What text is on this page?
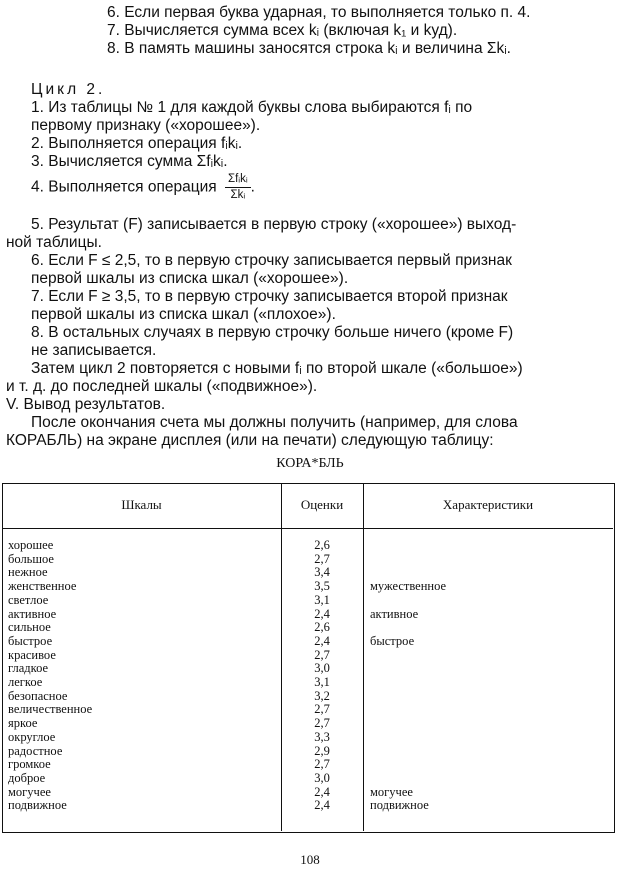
6. Если первая буква ударная, то выполняется только п. 4.
7. Вычисляется сумма всех kᵢ (включая k₁ и kуд).
8. В память машины заносятся строка kᵢ и величина Σkᵢ.
Цикл 2.
1. Из таблицы № 1 для каждой буквы слова выбираются fᵢ по
первому признаку («хорошее»).
2. Выполняется операция fᵢkᵢ.
3. Вычисляется сумма Σfᵢkᵢ.
4. Выполняется операция $\frac{\text{Σfᵢkᵢ}}{\text{Σkᵢ}}$ .
5. Результат (F) записывается в первую строку («хорошее») выход-
ной таблицы.
6. Если F ≤ 2,5, то в первую строчку записывается первый признак
первой шкалы из списка шкал («хорошее»).
7. Если F ≥ 3,5, то в первую строчку записывается второй признак
первой шкалы из списка шкал («плохое»).
8. В остальных случаях в первую строчку больше ничего (кроме F)
не записывается.
Затем цикл 2 повторяется с новыми fᵢ по второй шкале («большое»)
и т. д. до последней шкалы («подвижное»).
V. Вывод результатов.
После окончания счета мы должны получить (например, для слова
КОРАБЛЬ) на экране дисплея (или на печати) следующую таблицу:
КОРА*БЛЬ
Шкалы	Оценки	Характеристики
хорошее	2,6
большое	2,7
нежное	3,4
женственное	3,5	мужественное
светлое	3,1
активное	2,4	активное
сильное	2,6
быстрое	2,4	быстрое
красивое	2,7
гладкое	3,0
легкое	3,1
безопасное	3,2
величественное	2,7
яркое	2,7
округлое	3,3
радостное	2,9
громкое	2,7
доброе	3,0
могучее	2,4	могучее
подвижное	2,4	подвижное
108
